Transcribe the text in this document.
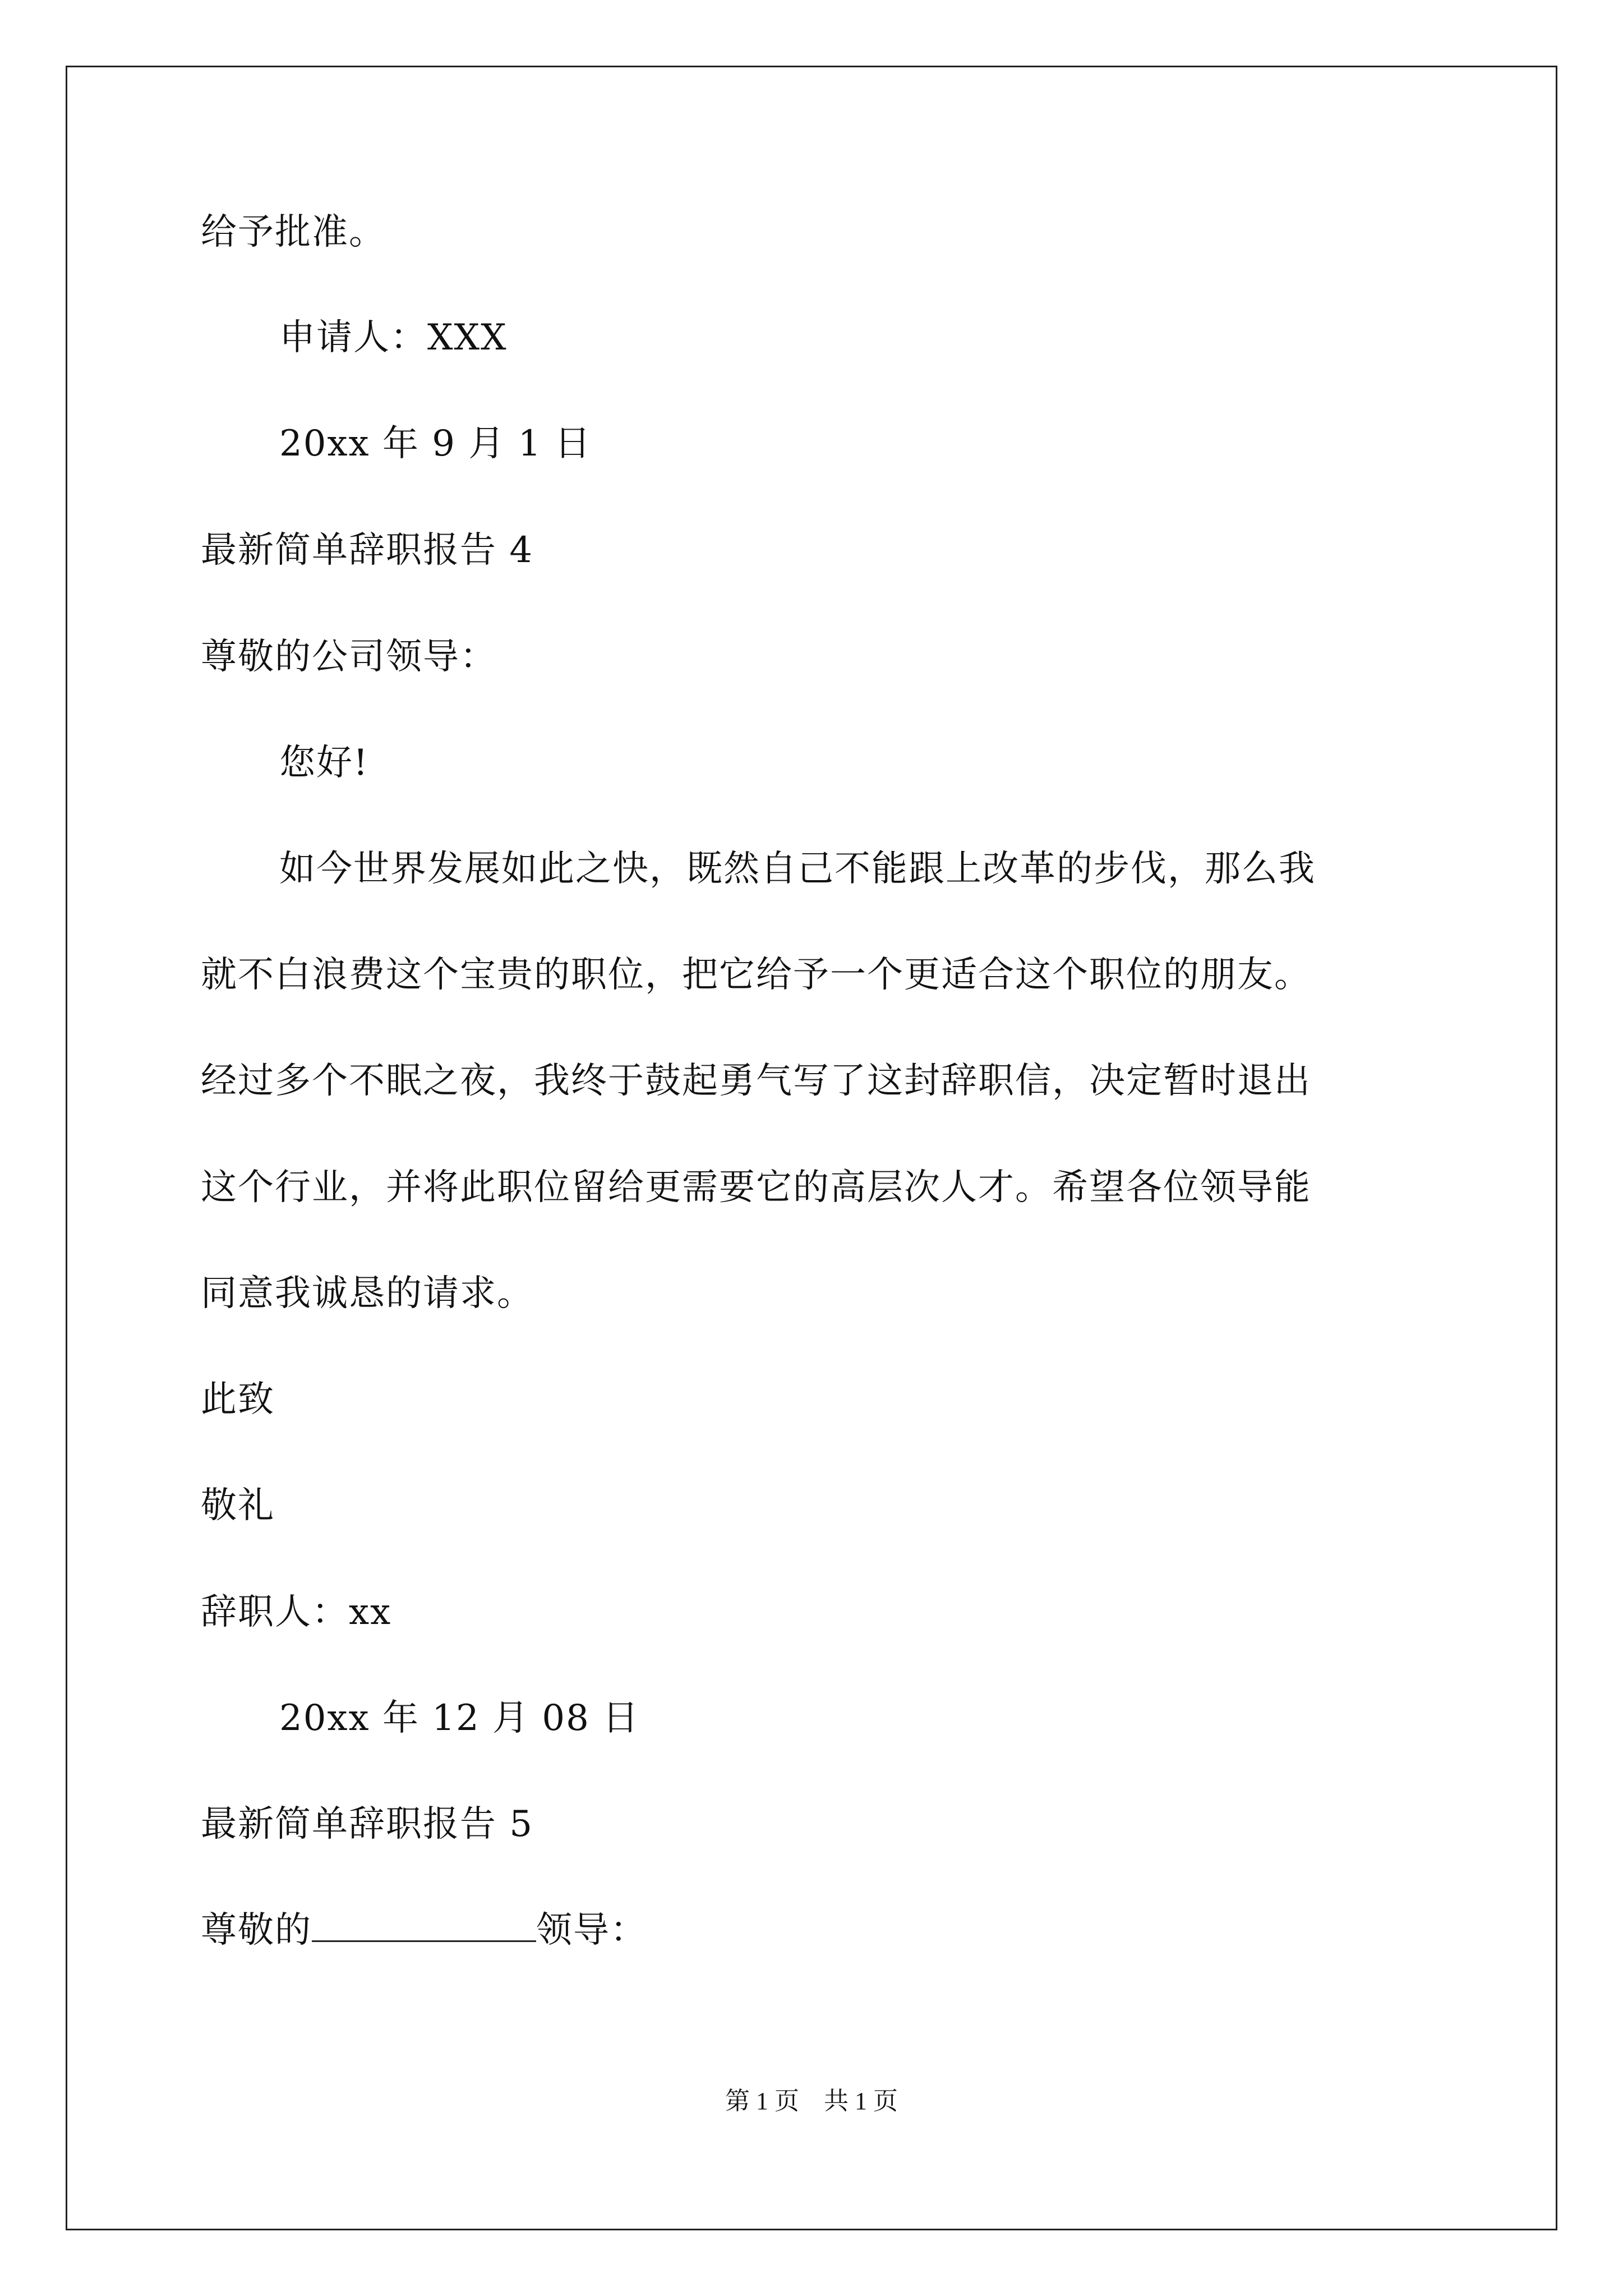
给予批准。
申请人：XXX
20xx 年 9 月 1 日
最新简单辞职报告 4
尊敬的公司领导：
您好!
如今世界发展如此之快，既然自己不能跟上改革的步伐，那么我
就不白浪费这个宝贵的职位，把它给予一个更适合这个职位的朋友。
经过多个不眠之夜，我终于鼓起勇气写了这封辞职信，决定暂时退出
这个行业，并将此职位留给更需要它的高层次人才。希望各位领导能
同意我诚恳的请求。
此致
敬礼
辞职人：xx
20xx 年 12 月 08 日
最新简单辞职报告 5
尊敬的	领导：
第 1 页 共 1 页
